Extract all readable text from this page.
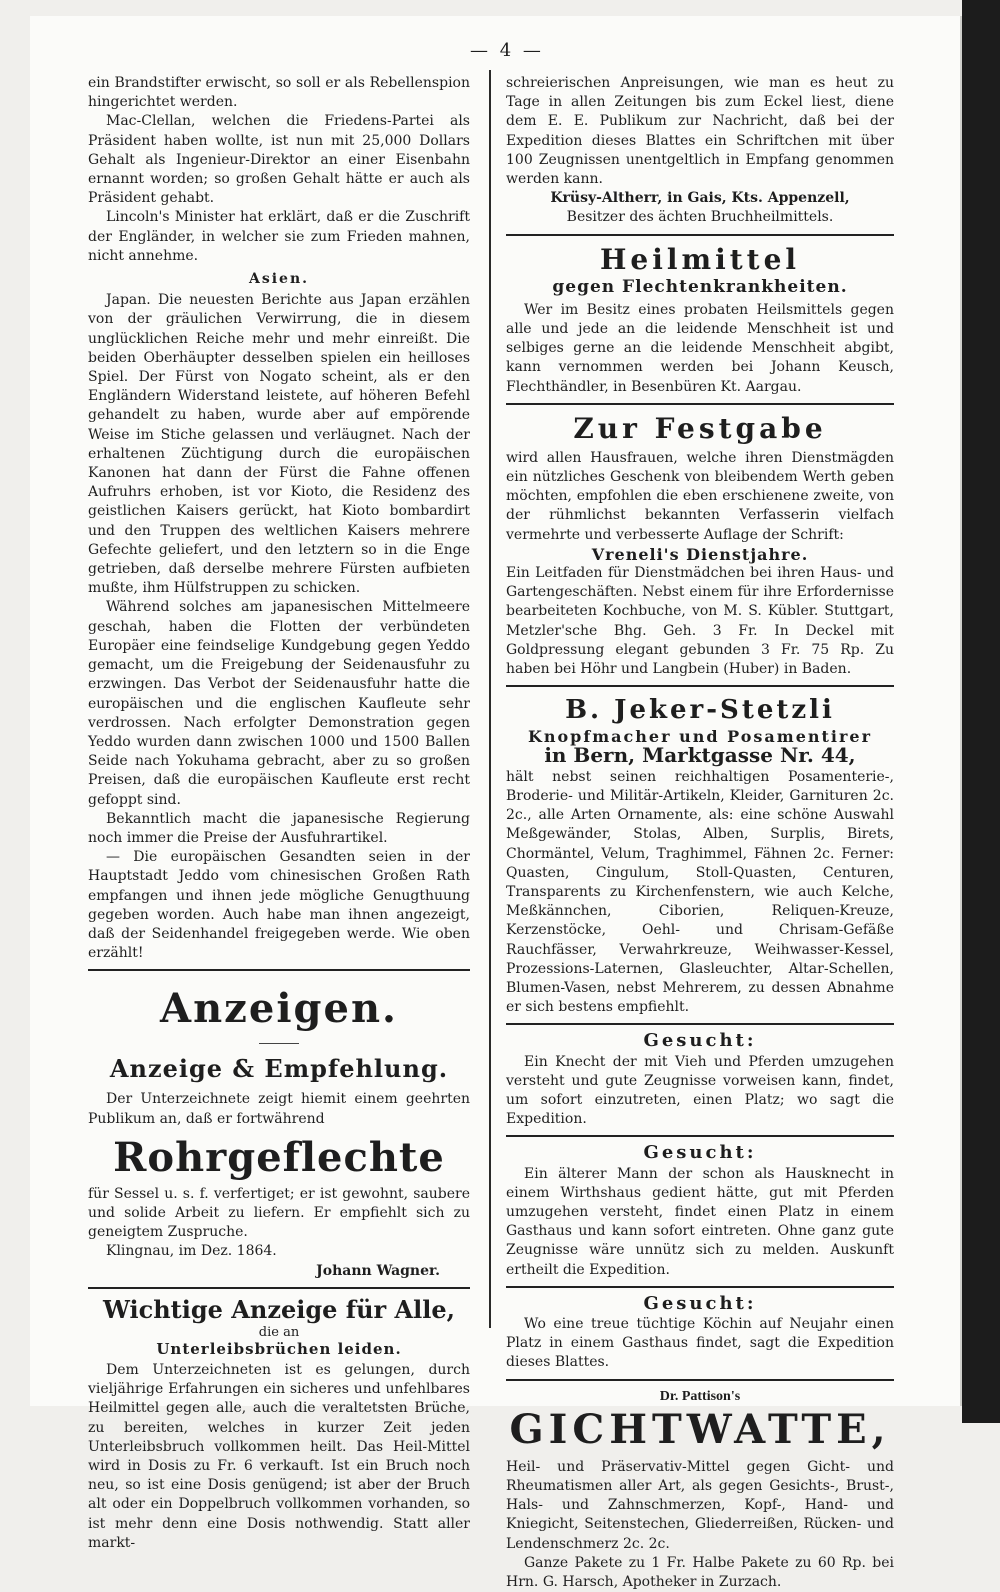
— 4 —

ein Brandstifter erwischt, so soll er als Rebellenspion hingerichtet werden.

Mac-Clellan, welchen die Friedens-Partei als Präsident haben wollte, ist nun mit 25,000 Dollars Gehalt als Ingenieur-Direktor an einer Eisenbahn ernannt worden; so großen Gehalt hätte er auch als Präsident gehabt.

Lincoln's Minister hat erklärt, daß er die Zuschrift der Engländer, in welcher sie zum Frieden mahnen, nicht annehme.

Asien.

Japan. Die neuesten Berichte aus Japan erzählen von der gräulichen Verwirrung, die in diesem unglücklichen Reiche mehr und mehr einreißt. Die beiden Oberhäupter desselben spielen ein heilloses Spiel. Der Fürst von Nogato scheint, als er den Engländern Widerstand leistete, auf höheren Befehl gehandelt zu haben, wurde aber auf empörende Weise im Stiche gelassen und verläugnet. Nach der erhaltenen Züchtigung durch die europäischen Kanonen hat dann der Fürst die Fahne offenen Aufruhrs erhoben, ist vor Kioto, die Residenz des geistlichen Kaisers gerückt, hat Kioto bombardirt und den Truppen des weltlichen Kaisers mehrere Gefechte geliefert, und den letztern so in die Enge getrieben, daß derselbe mehrere Fürsten aufbieten mußte, ihm Hülfstruppen zu schicken.

Während solches am japanesischen Mittelmeere geschah, haben die Flotten der verbündeten Europäer eine feindselige Kundgebung gegen Yeddo gemacht, um die Freigebung der Seidenausfuhr zu erzwingen. Das Verbot der Seidenausfuhr hatte die europäischen und die englischen Kaufleute sehr verdrossen. Nach erfolgter Demonstration gegen Yeddo wurden dann zwischen 1000 und 1500 Ballen Seide nach Yokuhama gebracht, aber zu so großen Preisen, daß die europäischen Kaufleute erst recht gefoppt sind.

Bekanntlich macht die japanesische Regierung noch immer die Preise der Ausfuhrartikel.

— Die europäischen Gesandten seien in der Hauptstadt Jeddo vom chinesischen Großen Rath empfangen und ihnen jede mögliche Genugthuung gegeben worden. Auch habe man ihnen angezeigt, daß der Seidenhandel freigegeben werde. Wie oben erzählt!

Anzeigen.
Anzeige & Empfehlung.

Der Unterzeichnete zeigt hiemit einem geehrten Publikum an, daß er fortwährend

Rohrgeflechte

für Sessel u. s. f. verfertiget; er ist gewohnt, saubere und solide Arbeit zu liefern. Er empfiehlt sich zu geneigtem Zuspruche.

Klingnau, im Dez. 1864.

Johann Wagner.

Wichtige Anzeige für Alle,
die an
Unterleibsbrüchen leiden.

Dem Unterzeichneten ist es gelungen, durch vieljährige Erfahrungen ein sicheres und unfehlbares Heilmittel gegen alle, auch die veraltetsten Brüche, zu bereiten, welches in kurzer Zeit jeden Unterleibsbruch vollkommen heilt. Das Heil-Mittel wird in Dosis zu Fr. 6 verkauft. Ist ein Bruch noch neu, so ist eine Dosis genügend; ist aber der Bruch alt oder ein Doppelbruch vollkommen vorhanden, so ist mehr denn eine Dosis nothwendig. Statt aller markt-

schreierischen Anpreisungen, wie man es heut zu Tage in allen Zeitungen bis zum Eckel liest, diene dem E. E. Publikum zur Nachricht, daß bei der Expedition dieses Blattes ein Schriftchen mit über 100 Zeugnissen unentgeltlich in Empfang genommen werden kann.

Krüsy-Altherr, in Gais, Kts. Appenzell,

Besitzer des ächten Bruchheilmittels.

Heilmittel
gegen Flechtenkrankheiten.

Wer im Besitz eines probaten Heilsmittels gegen alle und jede an die leidende Menschheit ist und selbiges gerne an die leidende Menschheit abgibt, kann vernommen werden bei Johann Keusch, Flechthändler, in Besenbüren Kt. Aargau.

Zur Festgabe

wird allen Hausfrauen, welche ihren Dienstmägden ein nützliches Geschenk von bleibendem Werth geben möchten, empfohlen die eben erschienene zweite, von der rühmlichst bekannten Verfasserin vielfach vermehrte und verbesserte Auflage der Schrift:

Vreneli's Dienstjahre.

Ein Leitfaden für Dienstmädchen bei ihren Haus- und Gartengeschäften. Nebst einem für ihre Erfordernisse bearbeiteten Kochbuche, von M. S. Kübler. Stuttgart, Metzler'sche Bhg. Geh. 3 Fr. In Deckel mit Goldpressung elegant gebunden 3 Fr. 75 Rp. Zu haben bei Höhr und Langbein (Huber) in Baden.

B. Jeker-Stetzli
Knopfmacher und Posamentirer
in Bern, Marktgasse Nr. 44,

hält nebst seinen reichhaltigen Posamenterie-, Broderie- und Militär-Artikeln, Kleider, Garnituren 2c. 2c., alle Arten Ornamente, als: eine schöne Auswahl Meßgewänder, Stolas, Alben, Surplis, Birets, Chormäntel, Velum, Traghimmel, Fähnen 2c. Ferner: Quasten, Cingulum, Stoll-Quasten, Centuren, Transparents zu Kirchenfenstern, wie auch Kelche, Meßkännchen, Ciborien, Reliquen-Kreuze, Kerzenstöcke, Oehl- und Chrisam-Gefäße Rauchfässer, Verwahrkreuze, Weihwasser-Kessel, Prozessions-Laternen, Glasleuchter, Altar-Schellen, Blumen-Vasen, nebst Mehrerem, zu dessen Abnahme er sich bestens empfiehlt.

Gesucht:

Ein Knecht der mit Vieh und Pferden umzugehen versteht und gute Zeugnisse vorweisen kann, findet, um sofort einzutreten, einen Platz; wo sagt die Expedition.

Gesucht:

Ein älterer Mann der schon als Hausknecht in einem Wirthshaus gedient hätte, gut mit Pferden umzugehen versteht, findet einen Platz in einem Gasthaus und kann sofort eintreten. Ohne ganz gute Zeugnisse wäre unnütz sich zu melden. Auskunft ertheilt die Expedition.

Gesucht:

Wo eine treue tüchtige Köchin auf Neujahr einen Platz in einem Gasthaus findet, sagt die Expedition dieses Blattes.

Dr. Pattison's
GICHTWATTE,

Heil- und Präservativ-Mittel gegen Gicht- und Rheumatismen aller Art, als gegen Gesichts-, Brust-, Hals- und Zahnschmerzen, Kopf-, Hand- und Kniegicht, Seitenstechen, Gliederreißen, Rücken- und Lendenschmerz 2c. 2c.

Ganze Pakete zu 1 Fr. Halbe Pakete zu 60 Rp. bei Hrn. G. Harsch, Apotheker in Zurzach.
